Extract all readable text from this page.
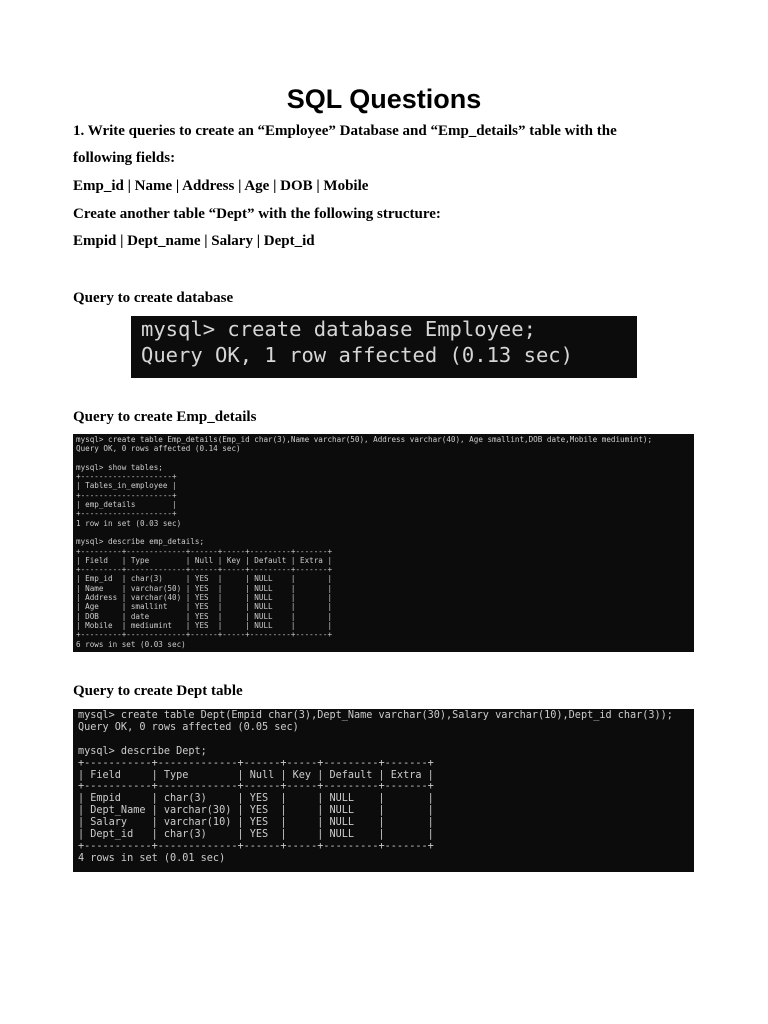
SQL Questions
1. Write queries to create an “Employee” Database and “Emp_details” table with the
following fields:
Emp_id | Name | Address | Age | DOB | Mobile
Create another table “Dept” with the following structure:
Empid | Dept_name | Salary | Dept_id
Query to create database
mysql> create database Employee;
Query OK, 1 row affected (0.13 sec)
Query to create Emp_details
mysql> create table Emp_details(Emp_id char(3),Name varchar(50), Address varchar(40), Age smallint,DOB date,Mobile mediumint);
Query OK, 0 rows affected (0.14 sec)

mysql> show tables;
+--------------------+
| Tables_in_employee |
+--------------------+
| emp_details        |
+--------------------+
1 row in set (0.03 sec)

mysql> describe emp_details;
+---------+-------------+------+-----+---------+-------+
| Field   | Type        | Null | Key | Default | Extra |
+---------+-------------+------+-----+---------+-------+
| Emp_id  | char(3)     | YES  |     | NULL    |       |
| Name    | varchar(50) | YES  |     | NULL    |       |
| Address | varchar(40) | YES  |     | NULL    |       |
| Age     | smallint    | YES  |     | NULL    |       |
| DOB     | date        | YES  |     | NULL    |       |
| Mobile  | mediumint   | YES  |     | NULL    |       |
+---------+-------------+------+-----+---------+-------+
6 rows in set (0.03 sec)
Query to create Dept table
mysql> create table Dept(Empid char(3),Dept_Name varchar(30),Salary varchar(10),Dept_id char(3));
Query OK, 0 rows affected (0.05 sec)

mysql> describe Dept;
+-----------+-------------+------+-----+---------+-------+
| Field     | Type        | Null | Key | Default | Extra |
+-----------+-------------+------+-----+---------+-------+
| Empid     | char(3)     | YES  |     | NULL    |       |
| Dept_Name | varchar(30) | YES  |     | NULL    |       |
| Salary    | varchar(10) | YES  |     | NULL    |       |
| Dept_id   | char(3)     | YES  |     | NULL    |       |
+-----------+-------------+------+-----+---------+-------+
4 rows in set (0.01 sec)
